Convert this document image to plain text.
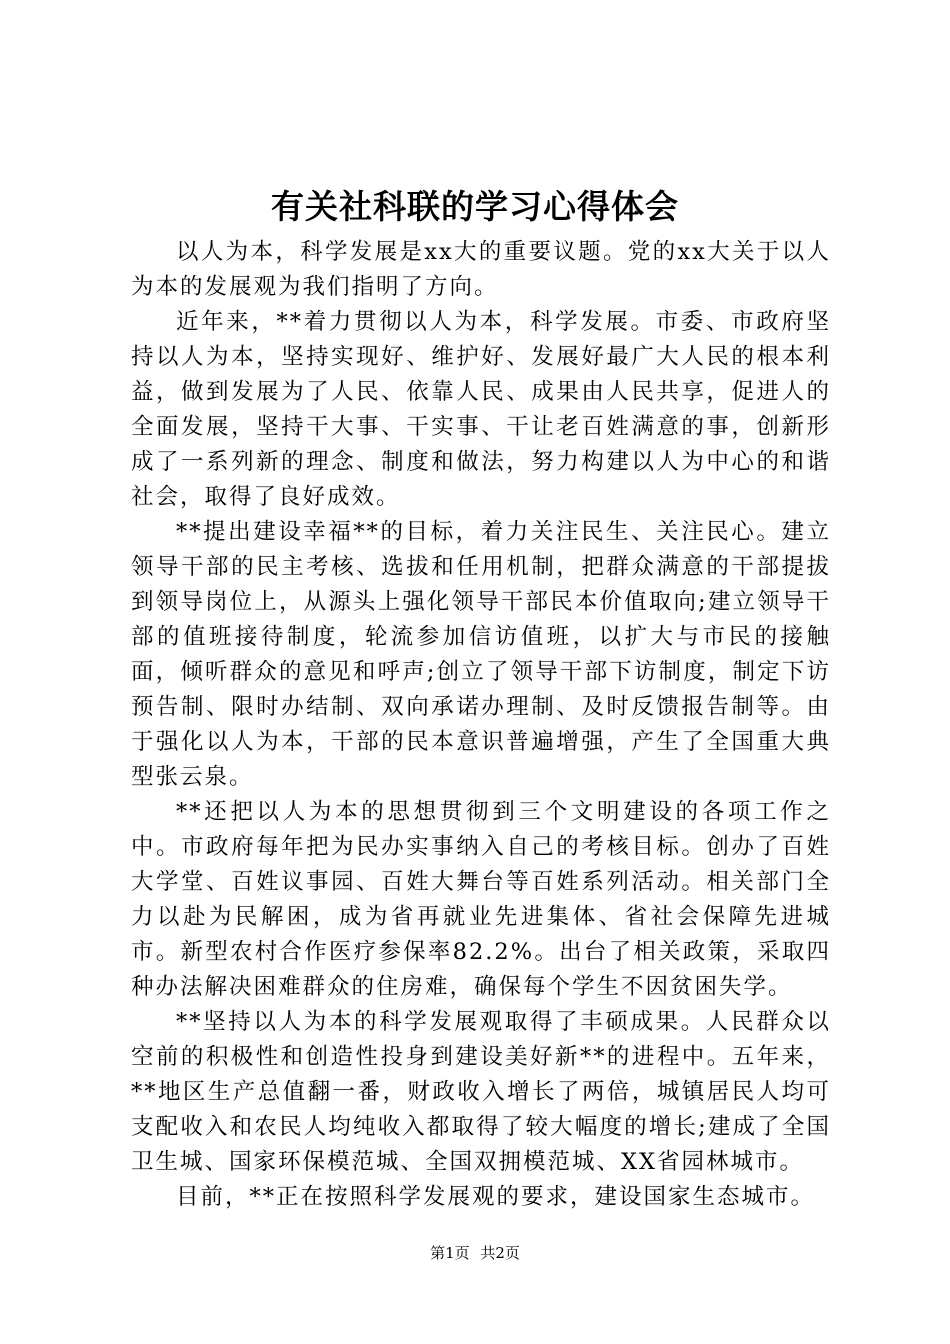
有关社科联的学习心得体会

以人为本，科学发展是xx大的重要议题。党的xx大关于以人为本的发展观为我们指明了方向。

近年来，**着力贯彻以人为本，科学发展。市委、市政府坚持以人为本，坚持实现好、维护好、发展好最广大人民的根本利益，做到发展为了人民、依靠人民、成果由人民共享，促进人的全面发展，坚持干大事、干实事、干让老百姓满意的事，创新形成了一系列新的理念、制度和做法，努力构建以人为中心的和谐社会，取得了良好成效。

**提出建设幸福**的目标，着力关注民生、关注民心。建立领导干部的民主考核、选拔和任用机制，把群众满意的干部提拔到领导岗位上，从源头上强化领导干部民本价值取向;建立领导干部的值班接待制度，轮流参加信访值班，以扩大与市民的接触面，倾听群众的意见和呼声;创立了领导干部下访制度，制定下访预告制、限时办结制、双向承诺办理制、及时反馈报告制等。由于强化以人为本，干部的民本意识普遍增强，产生了全国重大典型张云泉。

**还把以人为本的思想贯彻到三个文明建设的各项工作之中。市政府每年把为民办实事纳入自己的考核目标。创办了百姓大学堂、百姓议事园、百姓大舞台等百姓系列活动。相关部门全力以赴为民解困，成为省再就业先进集体、省社会保障先进城市。新型农村合作医疗参保率82.2%。出台了相关政策，采取四种办法解决困难群众的住房难，确保每个学生不因贫困失学。

**坚持以人为本的科学发展观取得了丰硕成果。人民群众以空前的积极性和创造性投身到建设美好新**的进程中。五年来，**地区生产总值翻一番，财政收入增长了两倍，城镇居民人均可支配收入和农民人均纯收入都取得了较大幅度的增长;建成了全国卫生城、国家环保模范城、全国双拥模范城、XX省园林城市。

目前，**正在按照科学发展观的要求，建设国家生态城市。

第1页 共2页
